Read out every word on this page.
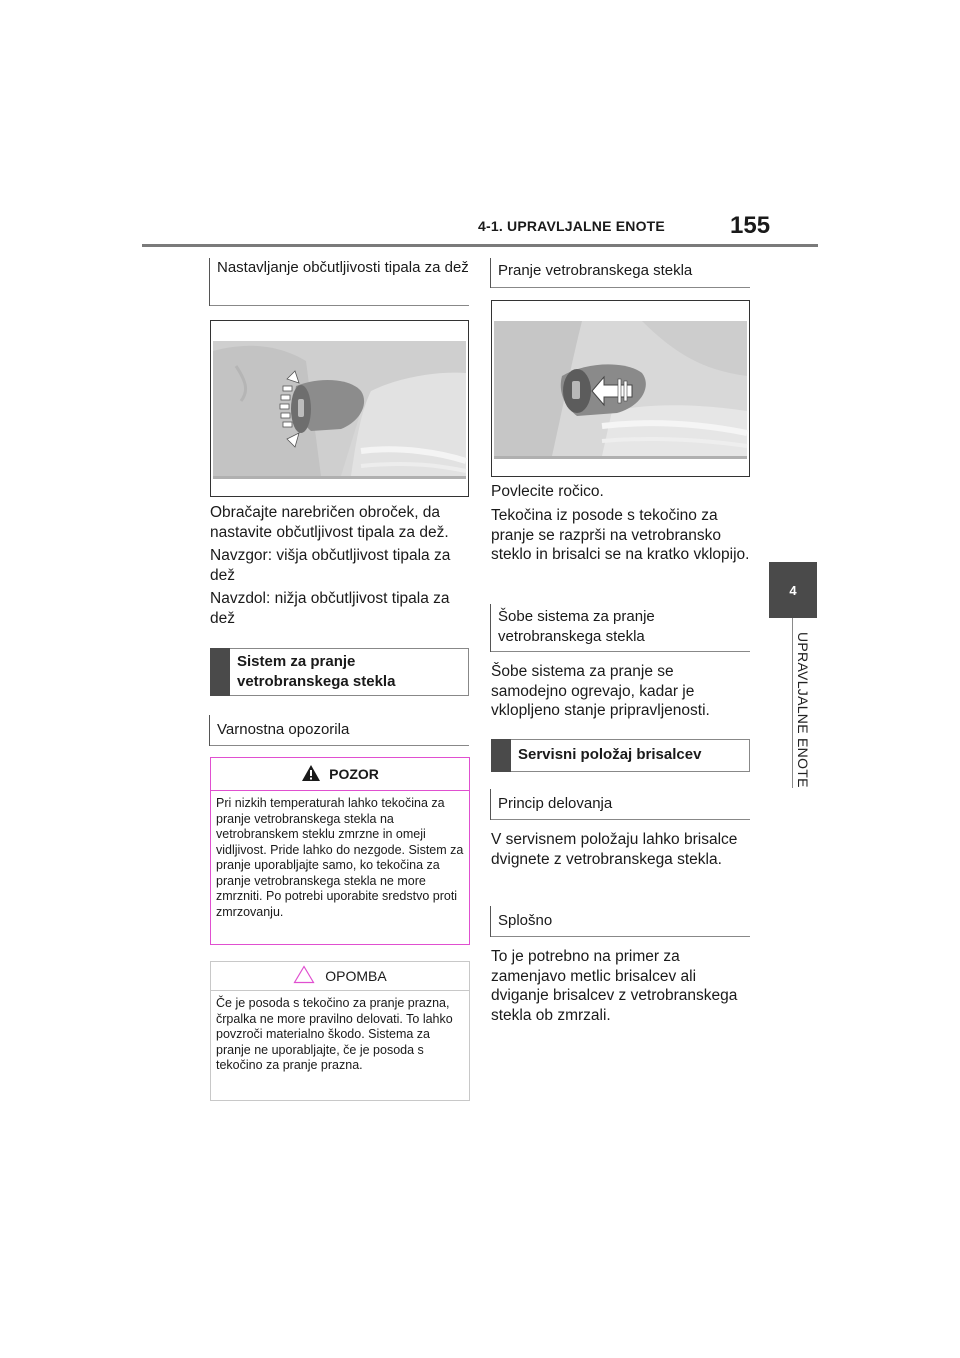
4-1. UPRAVLJALNE ENOTE	155
4
UPRAVLJALNE ENOTE
Nastavljanje občutljivosti tipala za dež
Obračajte narebričen obroček, da nastavite občutljivost tipala za dež.
Navzgor: višja občutljivost tipala za dež
Navzdol: nižja občutljivost tipala za dež
Sistem za pranje vetrobranskega stekla
Varnostna opozorila
POZOR
Pri nizkih temperaturah lahko tekočina za pranje vetrobranskega stekla na vetrobranskem steklu zmrzne in omeji vidljivost. Pride lahko do nezgode. Sistem za pranje uporabljajte samo, ko tekočina za pranje vetrobranskega stekla ne more zmrzniti. Po potrebi uporabite sredstvo proti zmrzovanju.
OPOMBA
Če je posoda s tekočino za pranje prazna, črpalka ne more pravilno delovati. To lahko povzroči materialno škodo. Sistema za pranje ne uporabljajte, če je posoda s tekočino za pranje prazna.
Pranje vetrobranskega stekla
Povlecite ročico.
Tekočina iz posode s tekočino za pranje se razprši na vetrobransko steklo in brisalci se na kratko vklopijo.
Šobe sistema za pranje vetrobranskega stekla
Šobe sistema za pranje se samodejno ogrevajo, kadar je vklopljeno stanje pripravljenosti.
Servisni položaj brisalcev
Princip delovanja
V servisnem položaju lahko brisalce dvignete z vetrobranskega stekla.
Splošno
To je potrebno na primer za zamenjavo metlic brisalcev ali dviganje brisalcev z vetrobranskega stekla ob zmrzali.
